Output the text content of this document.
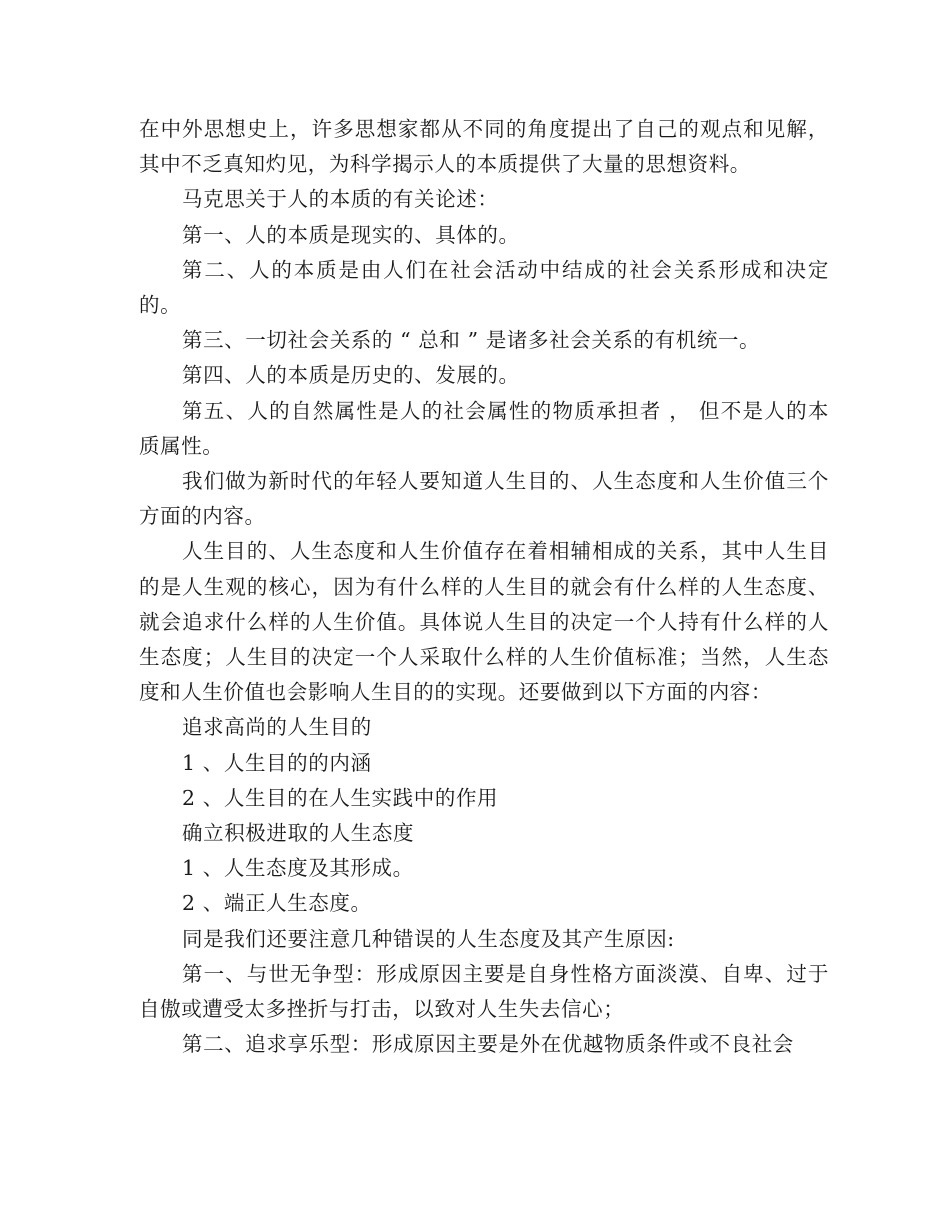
在中外思想史上，许多思想家都从不同的角度提出了自己的观点和见解，其中不乏真知灼见，为科学揭示人的本质提供了大量的思想资料。

马克思关于人的本质的有关论述：

第一、人的本质是现实的、具体的。

第二、人的本质是由人们在社会活动中结成的社会关系形成和决定的。

第三、一切社会关系的 “ 总和 ” 是诸多社会关系的有机统一。

第四、人的本质是历史的、发展的。

第五、人的自然属性是人的社会属性的物质承担者 ， 但不是人的本质属性。

我们做为新时代的年轻人要知道人生目的、人生态度和人生价值三个方面的内容。

人生目的、人生态度和人生价值存在着相辅相成的关系，其中人生目的是人生观的核心，因为有什么样的人生目的就会有什么样的人生态度、就会追求什么样的人生价值。具体说人生目的决定一个人持有什么样的人生态度；人生目的决定一个人采取什么样的人生价值标准；当然，人生态度和人生价值也会影响人生目的的实现。还要做到以下方面的内容：

追求高尚的人生目的

1 、人生目的的内涵

2 、人生目的在人生实践中的作用

确立积极进取的人生态度

1 、人生态度及其形成。

2 、端正人生态度。

同是我们还要注意几种错误的人生态度及其产生原因:

第一、与世无争型：形成原因主要是自身性格方面淡漠、自卑、过于自傲或遭受太多挫折与打击，以致对人生失去信心；

第二、追求享乐型：形成原因主要是外在优越物质条件或不良社会
